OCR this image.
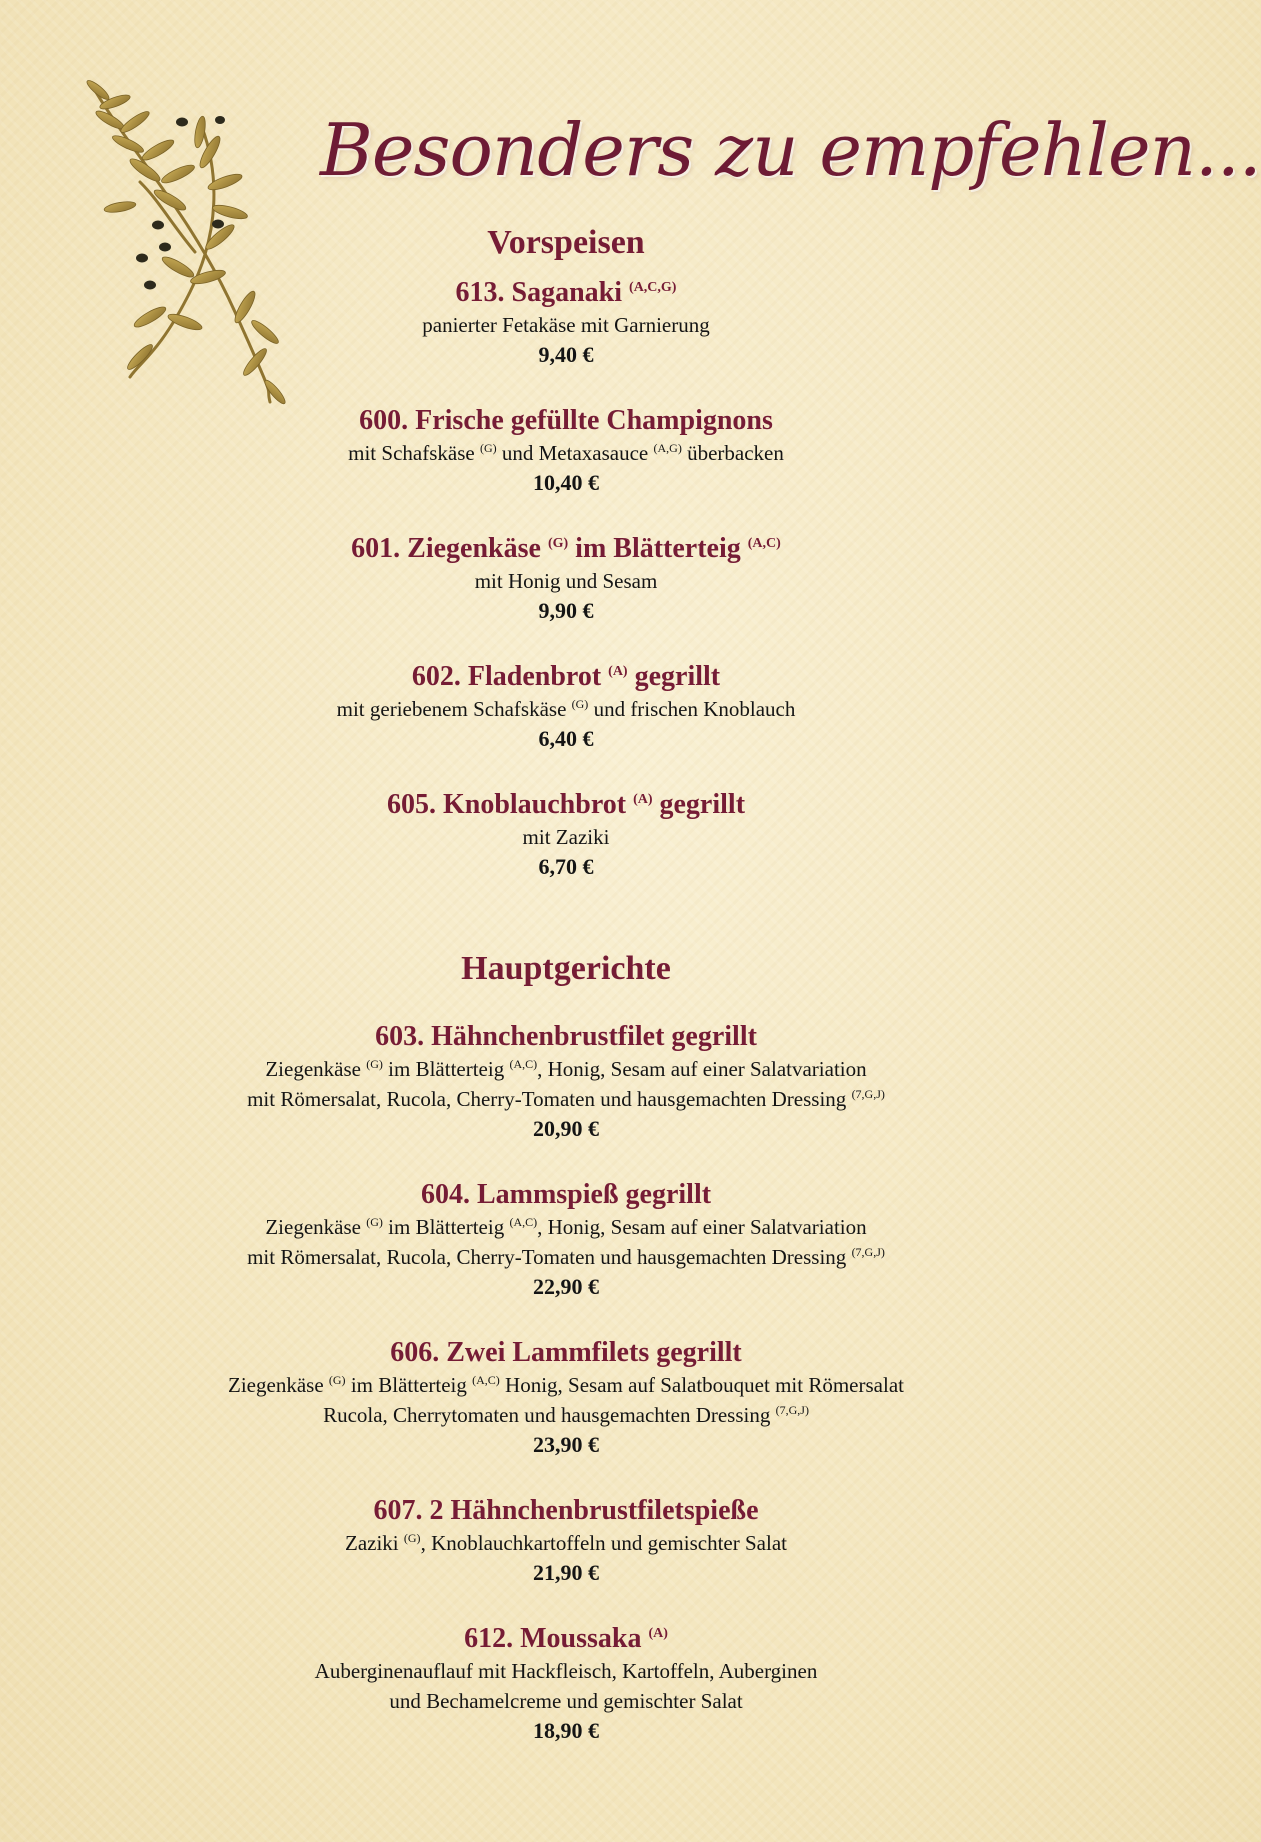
Besonders zu empfehlen...
Vorspeisen
613. Saganaki $^{(A,C,G)}$
panierter Fetakäse mit Garnierung
9,40 €
600. Frische gefüllte Champignons
mit Schafskäse $^{(G)}$ und Metaxasauce $^{(A,G)}$ überbacken
10,40 €
601. Ziegenkäse $^{(G)}$ im Blätterteig $^{(A,C)}$
mit Honig und Sesam
9,90 €
602. Fladenbrot $^{(A)}$ gegrillt
mit geriebenem Schafskäse $^{(G)}$ und frischen Knoblauch
6,40 €
605. Knoblauchbrot $^{(A)}$ gegrillt
mit Zaziki
6,70 €
Hauptgerichte
603. Hähnchenbrustfilet gegrillt
Ziegenkäse $^{(G)}$ im Blätterteig $^{(A,C)}$, Honig, Sesam auf einer Salatvariation
mit Römersalat, Rucola, Cherry-Tomaten und hausgemachten Dressing $^{(7,G,J)}$
20,90 €
604. Lammspieß gegrillt
Ziegenkäse $^{(G)}$ im Blätterteig $^{(A,C)}$, Honig, Sesam auf einer Salatvariation
mit Römersalat, Rucola, Cherry-Tomaten und hausgemachten Dressing $^{(7,G,J)}$
22,90 €
606. Zwei Lammfilets gegrillt
Ziegenkäse $^{(G)}$ im Blätterteig $^{(A,C)}$ Honig, Sesam auf Salatbouquet mit Römersalat
Rucola, Cherrytomaten und hausgemachten Dressing $^{(7,G,J)}$
23,90 €
607. 2 Hähnchenbrustfiletspieße
Zaziki $^{(G)}$, Knoblauchkartoffeln und gemischter Salat
21,90 €
612. Moussaka $^{(A)}$
Auberginenauflauf mit Hackfleisch, Kartoffeln, Auberginen
und Bechamelcreme und gemischter Salat
18,90 €
